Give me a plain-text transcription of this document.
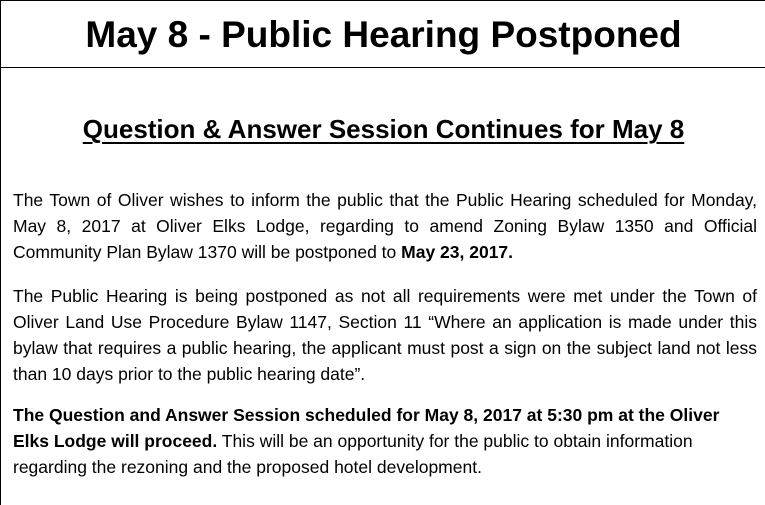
May 8 - Public Hearing Postponed
Question & Answer Session Continues for May 8

The Town of Oliver wishes to inform the public that the Public Hearing scheduled for Monday, May 8, 2017 at Oliver Elks Lodge, regarding to amend Zoning Bylaw 1350 and Official Community Plan Bylaw 1370 will be postponed to May 23, 2017.

The Public Hearing is being postponed as not all requirements were met under the Town of Oliver Land Use Procedure Bylaw 1147, Section 11 “Where an application is made under this bylaw that requires a public hearing, the applicant must post a sign on the subject land not less than 10 days prior to the public hearing date”.

The Question and Answer Session scheduled for May 8, 2017 at 5:30 pm at the Oliver Elks Lodge will proceed. This will be an opportunity for the public to obtain information regarding the rezoning and the proposed hotel development.
